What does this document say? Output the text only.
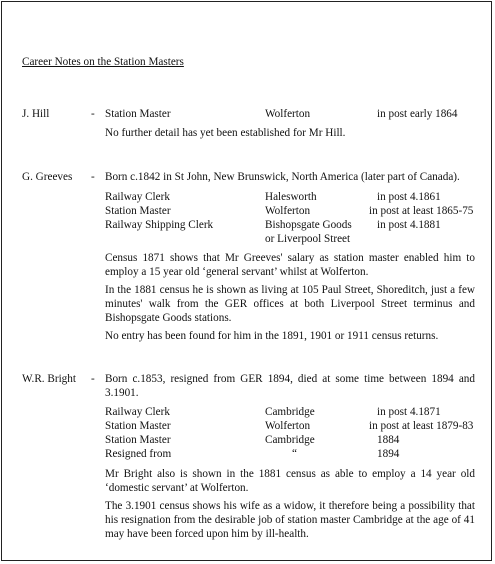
Career Notes on the Station Masters
J. Hill	- Station Master	Wolferton	in post early 1864
No further detail has yet been established for Mr Hill.
G. Greeves - Born c.1842 in St John, New Brunswick, North America (later part of Canada).
Railway Clerk	Halesworth	in post 4.1861
Station Master	Wolferton	in post at least 1865-75
Railway Shipping Clerk	Bishopsgate Goods in post 4.1881
or Liverpool Street
Census 1871 shows that Mr Greeves' salary as station master enabled him to employ a 15 year old ‘general servant’ whilst at Wolferton.
In the 1881 census he is shown as living at 105 Paul Street, Shoreditch, just a few minutes' walk from the GER offices at both Liverpool Street terminus and Bishopsgate Goods stations.
No entry has been found for him in the 1891, 1901 or 1911 census returns.
W.R. Bright - Born c.1853, resigned from GER 1894, died at some time between 1894 and 3.1901.
Railway Clerk	Cambridge	in post 4.1871
Station Master	Wolferton	in post at least 1879-83
Station Master	Cambridge	1884
Resigned from	“	1894
Mr Bright also is shown in the 1881 census as able to employ a 14 year old ‘domestic servant’ at Wolferton.
The 3.1901 census shows his wife as a widow, it therefore being a possibility that his resignation from the desirable job of station master Cambridge at the age of 41 may have been forced upon him by ill-health.
